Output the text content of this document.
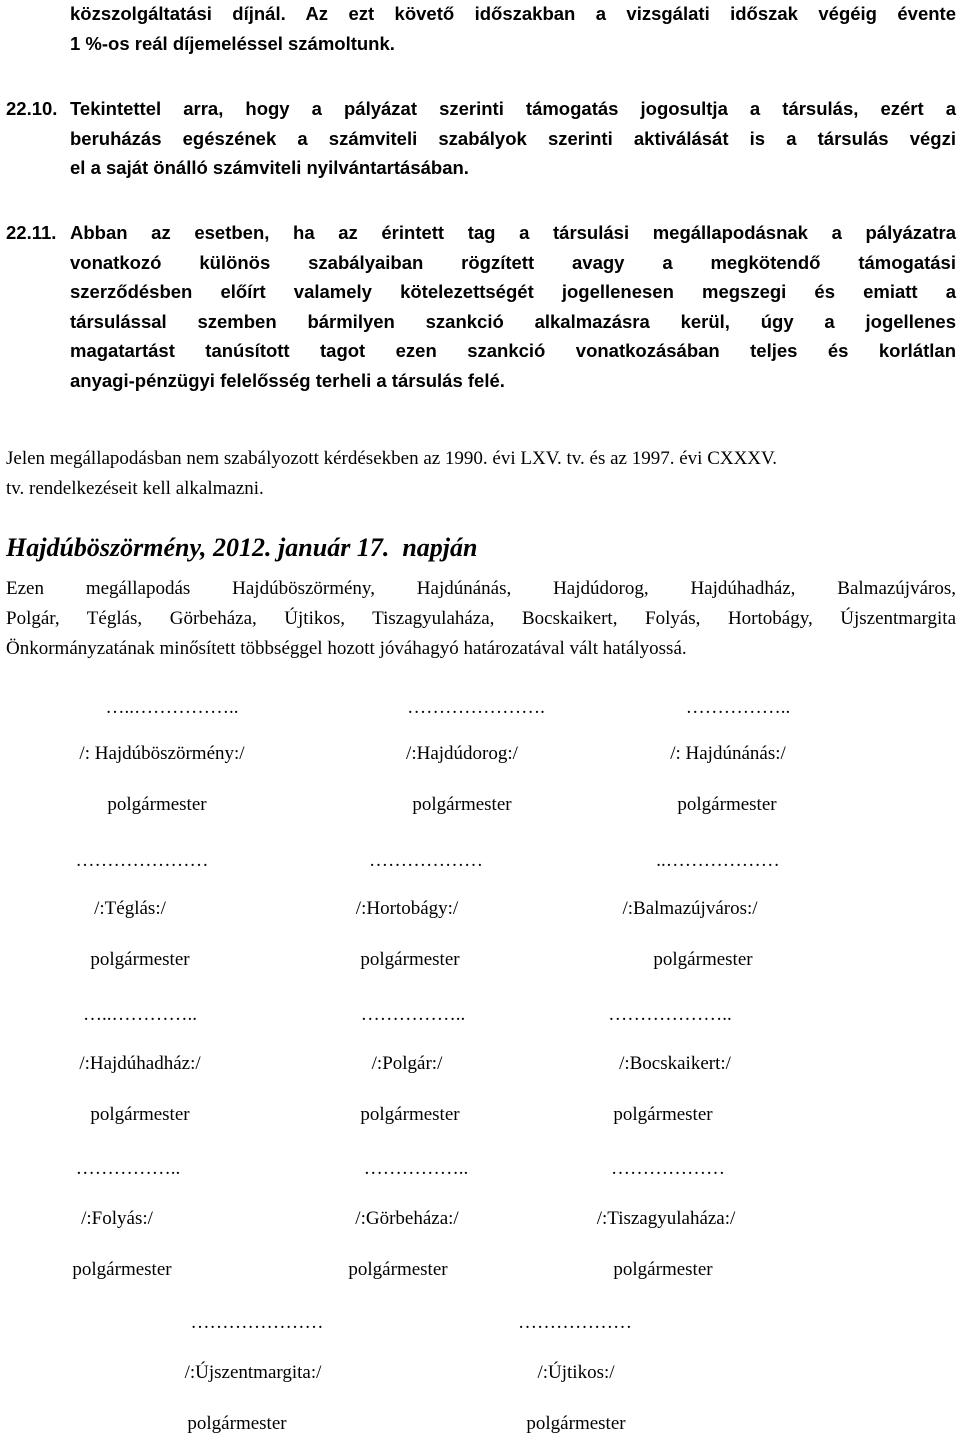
közszolgáltatási díjnál. Az ezt követő időszakban a vizsgálati időszak végéig évente
1 %-os reál díjemeléssel számoltunk.
22.10. Tekintettel arra, hogy a pályázat szerinti támogatás jogosultja a társulás, ezért a
beruházás egészének a számviteli szabályok szerinti aktiválását is a társulás végzi
el a saját önálló számviteli nyilvántartásában.
22.11. Abban az esetben, ha az érintett tag a társulási megállapodásnak a pályázatra
vonatkozó különös szabályaiban rögzített avagy a megkötendő támogatási
szerződésben előírt valamely kötelezettségét jogellenesen megszegi és emiatt a
társulással szemben bármilyen szankció alkalmazásra kerül, úgy a jogellenes
magatartást tanúsított tagot ezen szankció vonatkozásában teljes és korlátlan
anyagi-pénzügyi felelősség terheli a társulás felé.
Jelen megállapodásban nem szabályozott kérdésekben az 1990. évi LXV. tv. és az 1997. évi CXXXV.
tv. rendelkezéseit kell alkalmazni.
Hajdúböszörmény, 2012. január 17.  napján
Ezen megállapodás Hajdúböszörmény, Hajdúnánás, Hajdúdorog, Hajdúhadház, Balmazújváros,
Polgár, Téglás, Görbeháza, Újtikos, Tiszagyulaháza, Bocskaikert, Folyás, Hortobágy, Újszentmargita
Önkormányzatának minősített többséggel hozott jóváhagyó határozatával vált hatályossá.
…..……………..
/: Hajdúböszörmény:/
polgármester
………………….
/:Hajdúdorog:/
polgármester
……………..
/: Hajdúnánás:/
polgármester
…………………
/:Téglás:/
polgármester
………………
/:Hortobágy:/
polgármester
..………………
/:Balmazújváros:/
polgármester
…..…………..
/:Hajdúhadház:/
polgármester
……………..
/:Polgár:/
polgármester
………………..
/:Bocskaikert:/
polgármester
……………..
/:Folyás:/
polgármester
……………..
/:Görbeháza:/
polgármester
………………
/:Tiszagyulaháza:/
polgármester
…………………
/:Újszentmargita:/
polgármester
………………
/:Újtikos:/
polgármester
